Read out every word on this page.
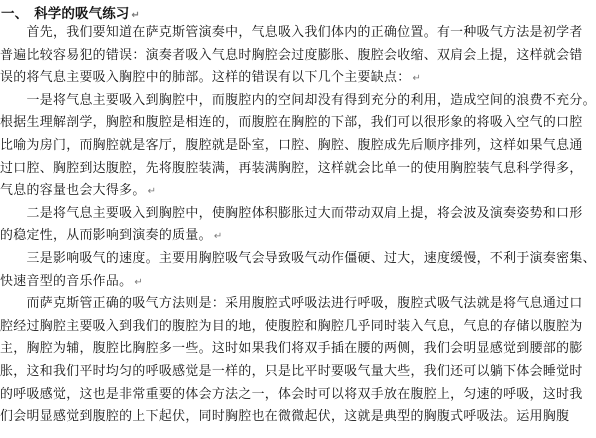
一、 科学的吸气练习 ↵
　　首先，我们要知道在萨克斯管演奏中，气息吸入我们体内的正确位置。有一种吸气方法是初学者
普遍比较容易犯的错误：演奏者吸入气息时胸腔会过度膨胀、腹腔会收缩、双肩会上提，这样就会错
误的将气息主要吸入胸腔中的肺部。这样的错误有以下几个主要缺点： ↵
　　一是将气息主要吸入到胸腔中，而腹腔内的空间却没有得到充分的利用，造成空间的浪费不充分。
根据生理解剖学，胸腔和腹腔是相连的，而腹腔在胸腔的下部，我们可以很形象的将吸入空气的口腔
比喻为房门，而胸腔就是客厅，腹腔就是卧室，口腔、胸腔、腹腔成先后顺序排列，这样如果气息通
过口腔、胸腔到达腹腔，先将腹腔装满，再装满胸腔，这样就会比单一的使用胸腔装气息科学得多，
气息的容量也会大得多。 ↵
　　二是将气息主要吸入到胸腔中，使胸腔体积膨胀过大而带动双肩上提，将会波及演奏姿势和口形
的稳定性，从而影响到演奏的质量。 ↵
　　三是影响吸气的速度。主要用胸腔吸气会导致吸气动作僵硬、过大，速度缓慢，不利于演奏密集、
快速音型的音乐作品。 ↵
　　而萨克斯管正确的吸气方法则是：采用腹腔式呼吸法进行呼吸，腹腔式吸气法就是将气息通过口
腔经过胸腔主要吸入到我们的腹腔为目的地，使腹腔和胸腔几乎同时装入气息，气息的存储以腹腔为
主，胸腔为辅，腹腔比胸腔多一些。这时如果我们将双手插在腰的两侧，我们会明显感觉到腰部的膨
胀，这和我们平时均匀的呼吸感觉是一样的，只是比平时要吸气量大些，我们还可以躺下体会睡觉时
的呼吸感觉，这也是非常重要的体会方法之一，体会时可以将双手放在腹腔上，匀速的呼吸，这时我
们会明显感觉到腹腔的上下起伏，同时胸腔也在微微起伏，这就是典型的胸腹式呼吸法。运用胸腹
